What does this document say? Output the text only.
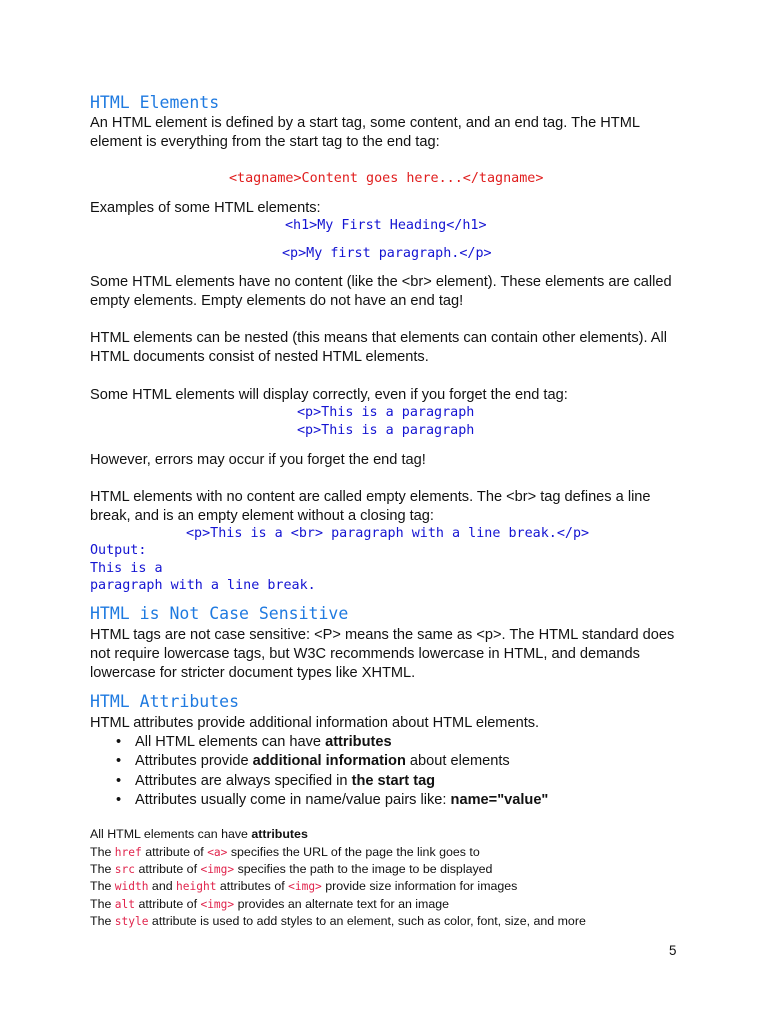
HTML Elements
An HTML element is defined by a start tag, some content, and an end tag. The HTML
element is everything from the start tag to the end tag:
<tagname>Content goes here...</tagname>
Examples of some HTML elements:
<h1>My First Heading</h1>
<p>My first paragraph.</p>
Some HTML elements have no content (like the <br> element). These elements are called
empty elements. Empty elements do not have an end tag!
HTML elements can be nested (this means that elements can contain other elements). All
HTML documents consist of nested HTML elements.
Some HTML elements will display correctly, even if you forget the end tag:
<p>This is a paragraph
<p>This is a paragraph
However, errors may occur if you forget the end tag!
HTML elements with no content are called empty elements. The <br> tag defines a line
break, and is an empty element without a closing tag:
<p>This is a <br> paragraph with a line break.</p>
Output:
This is a
paragraph with a line break.
HTML is Not Case Sensitive
HTML tags are not case sensitive: <P> means the same as <p>. The HTML standard does
not require lowercase tags, but W3C recommends lowercase in HTML, and demands
lowercase for stricter document types like XHTML.
HTML Attributes
HTML attributes provide additional information about HTML elements.
• All HTML elements can have attributes
• Attributes provide additional information about elements
• Attributes are always specified in the start tag
• Attributes usually come in name/value pairs like: name="value"
All HTML elements can have attributes
The href attribute of <a> specifies the URL of the page the link goes to
The src attribute of <img> specifies the path to the image to be displayed
The width and height attributes of <img> provide size information for images
The alt attribute of <img> provides an alternate text for an image
The style attribute is used to add styles to an element, such as color, font, size, and more
5
